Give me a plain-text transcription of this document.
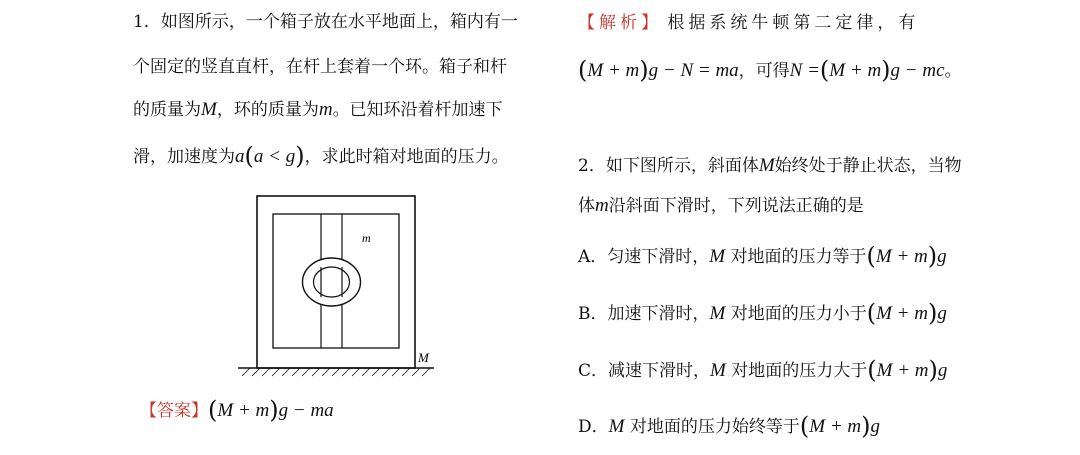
1．如图所示，一个箱子放在水平地面上，箱内有一
个固定的竖直直杆，在杆上套着一个环。箱子和杆
的质量为M，环的质量为m。已知环沿着杆加速下
滑，加速度为a(a < g)，求此时箱对地面的压力。
m
M
【答案】(M + m)g − ma
【解析】 根据系统牛顿第二定律，有
(M + m)g − N = ma，可得N =(M + m)g − mc。
2．如下图所示，斜面体M始终处于静止状态，当物
体m沿斜面下滑时，下列说法正确的是
A．匀速下滑时，M 对地面的压力等于(M + m)g
B．加速下滑时，M 对地面的压力小于(M + m)g
C．减速下滑时，M 对地面的压力大于(M + m)g
D．M 对地面的压力始终等于(M + m)g
